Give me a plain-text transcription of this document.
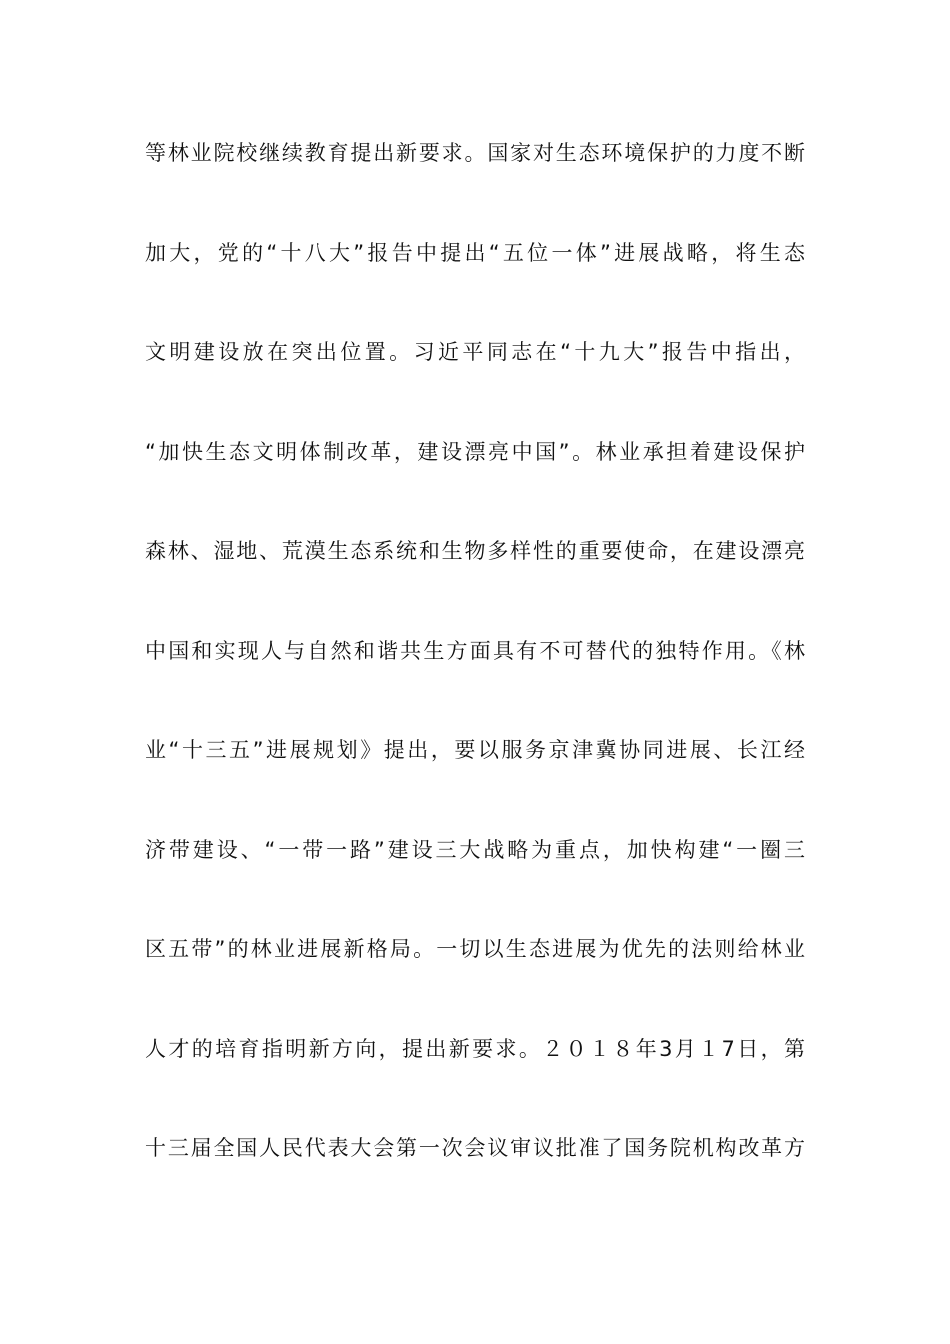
等林业院校继续教育提出新要求。国家对生态环境保护的力度不断
加大，党的“十八大”报告中提出“五位一体”进展战略，将生态
文明建设放在突出位置。习近平同志在“十九大”报告中指出，
“加快生态文明体制改革，建设漂亮中国”。林业承担着建设保护
森林、湿地、荒漠生态系统和生物多样性的重要使命，在建设漂亮
中国和实现人与自然和谐共生方面具有不可替代的独特作用。《林
业“十三五”进展规划》提出，要以服务京津冀协同进展、长江经
济带建设、“一带一路”建设三大战略为重点，加快构建“一圈三
区五带”的林业进展新格局。一切以生态进展为优先的法则给林业
人才的培育指明新方向，提出新要求。２０１８年3月１7日，第
十三届全国人民代表大会第一次会议审议批准了国务院机构改革方
